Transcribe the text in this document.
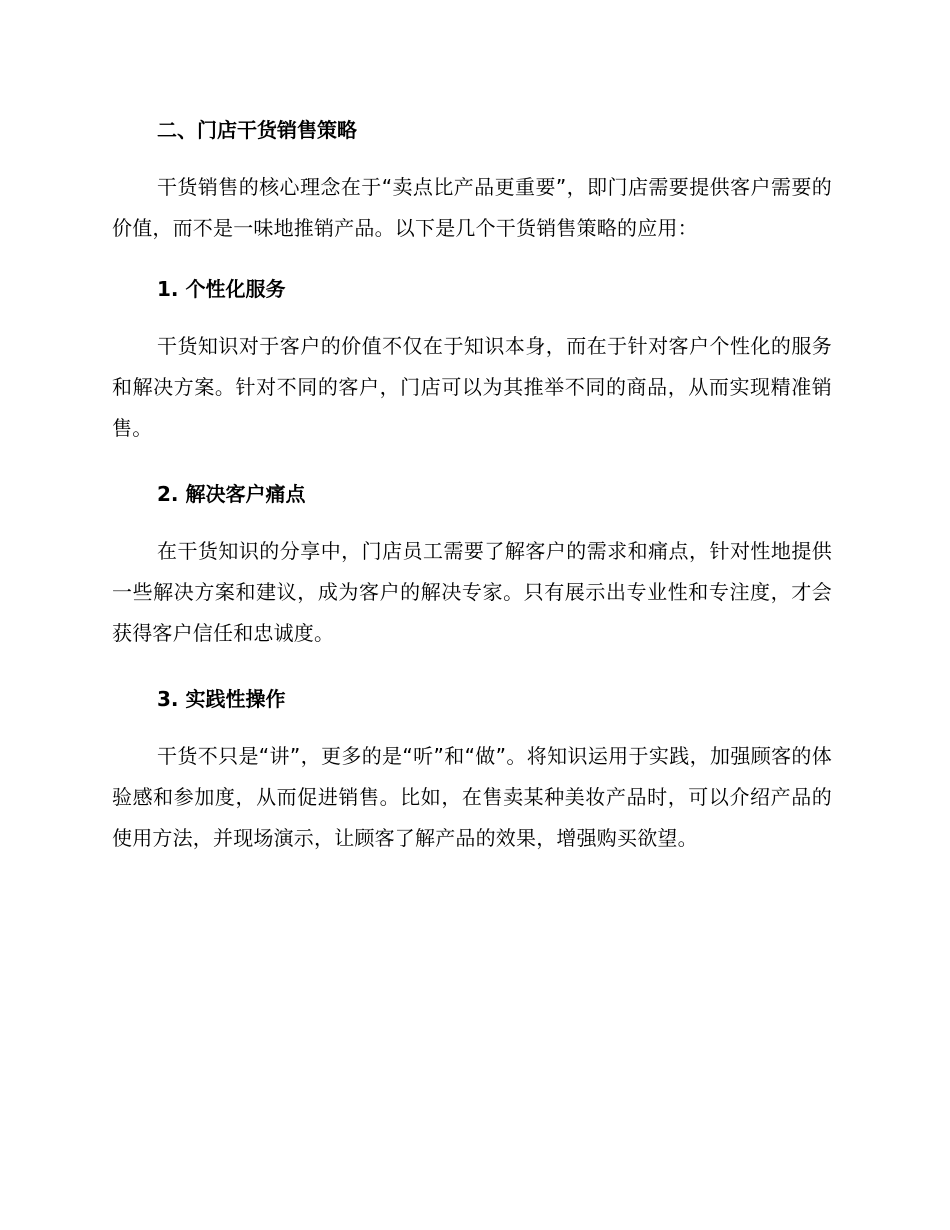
二、门店干货销售策略
干货销售的核心理念在于“卖点比产品更重要”，即门店需要提供客户需要的价值，而不是一味地推销产品。以下是几个干货销售策略的应用：
1. 个性化服务
干货知识对于客户的价值不仅在于知识本身，而在于针对客户个性化的服务和解决方案。针对不同的客户，门店可以为其推举不同的商品，从而实现精准销售。
2. 解决客户痛点
在干货知识的分享中，门店员工需要了解客户的需求和痛点，针对性地提供一些解决方案和建议，成为客户的解决专家。只有展示出专业性和专注度，才会获得客户信任和忠诚度。
3. 实践性操作
干货不只是“讲”，更多的是“听”和“做”。将知识运用于实践，加强顾客的体验感和参加度，从而促进销售。比如，在售卖某种美妆产品时，可以介绍产品的使用方法，并现场演示，让顾客了解产品的效果，增强购买欲望。
